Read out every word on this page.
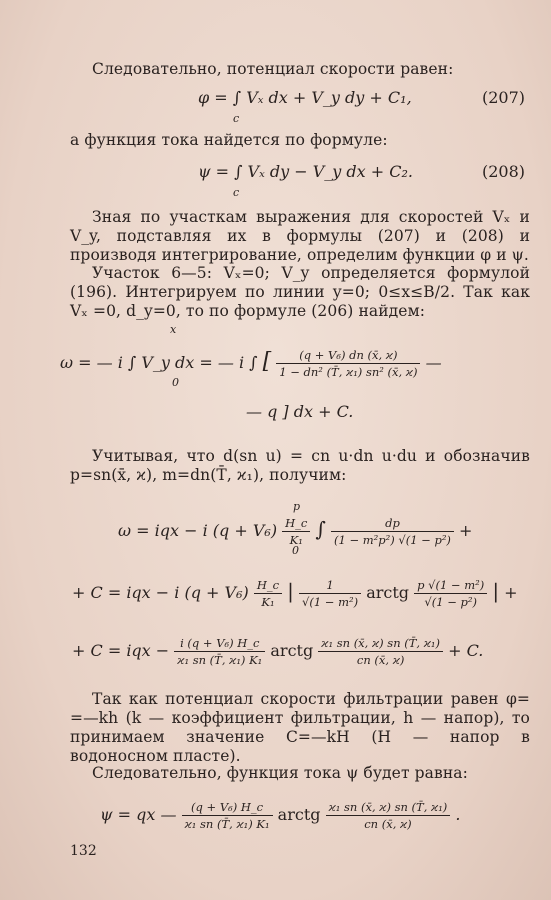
Следовательно, потенциал скорости равен:
φ = ∫ Vₓ dx + V_y dy + C₁,
c
(207)
а функция тока найдется по формуле:
ψ = ∫ Vₓ dy − V_y dx + C₂.
c
(208)
Зная по участкам выражения для скоростей Vₓ и V_y, подставляя их в формулы (207) и (208) и производя интегрирование, определим функции φ и ψ.
Участок 6—5: Vₓ=0; V_y определяется формулой (196). Интегрируем по линии y=0; 0≤x≤B/2. Так как Vₓ =0, d_y=0, то по формуле (206) найдем:
x
0
ω = — i ∫ V_y dx = — i ∫ [ $\frac{\text{(q + V₆) dn (x̄, ϰ)}}{\text{1 − dn² (T̄, ϰ₁) sn² (x̄, ϰ)}}$ —
— q ] dx + C.
Учитывая, что d(sn u) = cn u·dn u·du и обозначив p=sn(x̄, ϰ), m=dn(T̄, ϰ₁), получим:
p
0
ω = iqx − i $(q + V_6) \frac{H\_c}{\text{K₁}}$ ∫ $\frac{dp}{\text{(1 − m²p²) √(1 − p²)}}$ +
+ C = iqx − i $(q + V_6) \frac{H\_c}{\text{K₁}}$ | $\frac{1}{\text{√(1 − m²)}}$ arctg $\frac{\text{p √(1 − m²)}}{\text{√(1 − p²)}}$ | +
+ C = iqx − $\frac{\text{i (q + V₆) H\_c}}{\text{ϰ₁ sn (T̄, ϰ₁) K₁}}$ arctg $\frac{\text{ϰ₁ sn (x̄, ϰ) sn (T̄, ϰ₁)}}{cn (x̄, ϰ)} + C$.
Так как потенциал скорости фильтрации равен φ= =—kh (k — коэффициент фильтрации, h — напор), то принимаем значение C=—kH (H — напор в водоносном пласте).
Следовательно, функция тока ψ будет равна:
ψ = qx — $\frac{\text{(q + V₆) H\_c}}{\text{ϰ₁ sn (T̄, ϰ₁) K₁}}$ arctg $\frac{\text{ϰ₁ sn (x̄, ϰ) sn (T̄, ϰ₁)}}{cn (x̄, ϰ)}$ .
132
